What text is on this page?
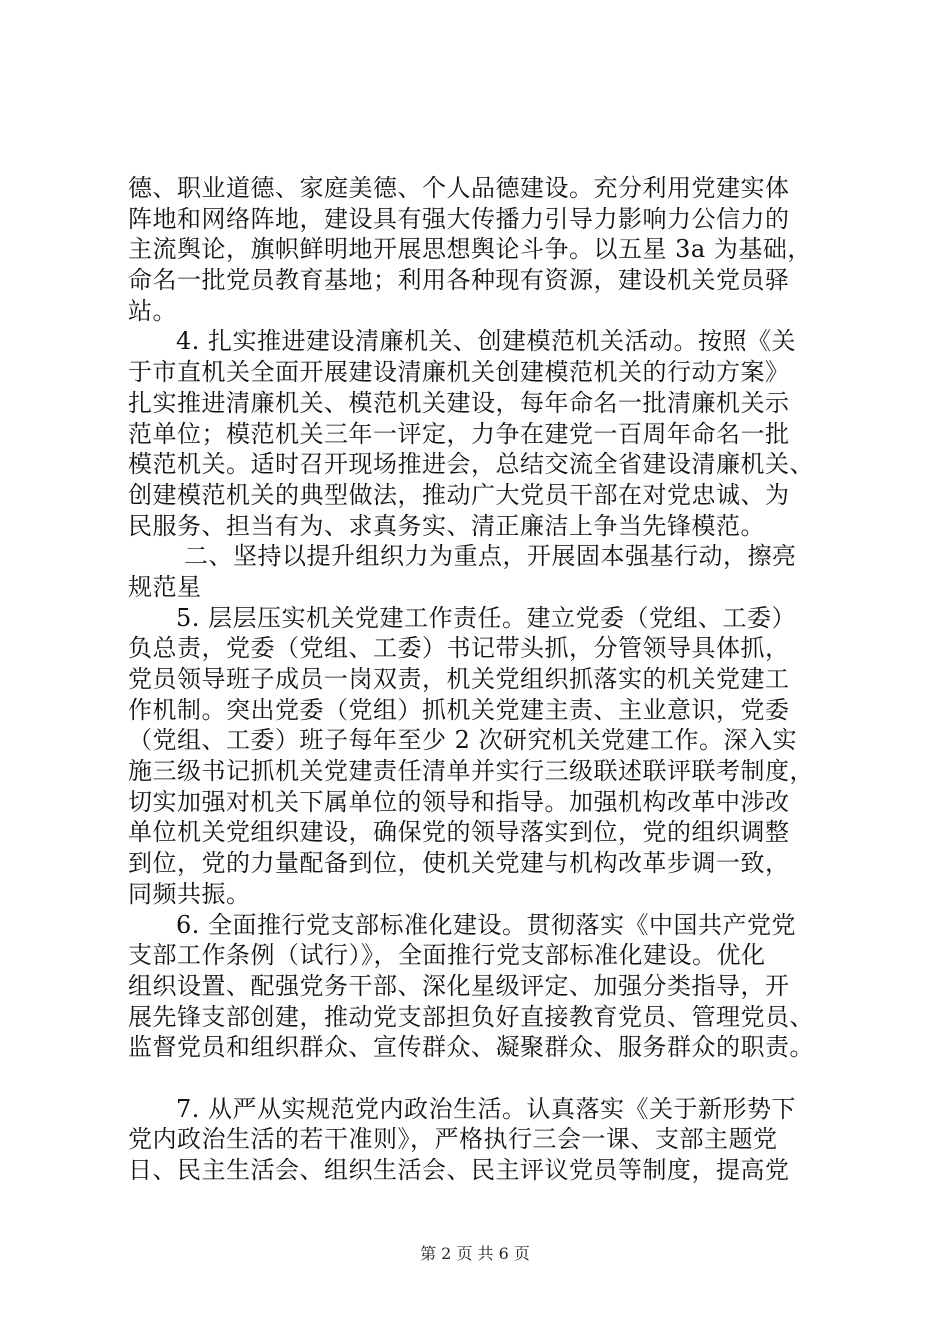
德、职业道德、家庭美德、个人品德建设。充分利用党建实体
阵地和网络阵地，建设具有强大传播力引导力影响力公信力的
主流舆论，旗帜鲜明地开展思想舆论斗争。以五星 3a 为基础，
命名一批党员教育基地；利用各种现有资源，建设机关党员驿
站。
4. 扎实推进建设清廉机关、创建模范机关活动。按照《关
于市直机关全面开展建设清廉机关创建模范机关的行动方案》
扎实推进清廉机关、模范机关建设，每年命名一批清廉机关示
范单位；模范机关三年一评定，力争在建党一百周年命名一批
模范机关。适时召开现场推进会，总结交流全省建设清廉机关、
创建模范机关的典型做法，推动广大党员干部在对党忠诚、为
民服务、担当有为、求真务实、清正廉洁上争当先锋模范。
二、坚持以提升组织力为重点，开展固本强基行动，擦亮
规范星
5. 层层压实机关党建工作责任。建立党委（党组、工委）
负总责，党委（党组、工委）书记带头抓，分管领导具体抓，
党员领导班子成员一岗双责，机关党组织抓落实的机关党建工
作机制。突出党委（党组）抓机关党建主责、主业意识，党委
（党组、工委）班子每年至少 2 次研究机关党建工作。深入实
施三级书记抓机关党建责任清单并实行三级联述联评联考制度，
切实加强对机关下属单位的领导和指导。加强机构改革中涉改
单位机关党组织建设，确保党的领导落实到位，党的组织调整
到位，党的力量配备到位，使机关党建与机构改革步调一致，
同频共振。
6. 全面推行党支部标准化建设。贯彻落实《中国共产党党
支部工作条例（试行）》，全面推行党支部标准化建设。优化
组织设置、配强党务干部、深化星级评定、加强分类指导，开
展先锋支部创建，推动党支部担负好直接教育党员、管理党员、
监督党员和组织群众、宣传群众、凝聚群众、服务群众的职责。
7. 从严从实规范党内政治生活。认真落实《关于新形势下
党内政治生活的若干准则》，严格执行三会一课、支部主题党
日、民主生活会、组织生活会、民主评议党员等制度，提高党
第 2 页 共 6 页
